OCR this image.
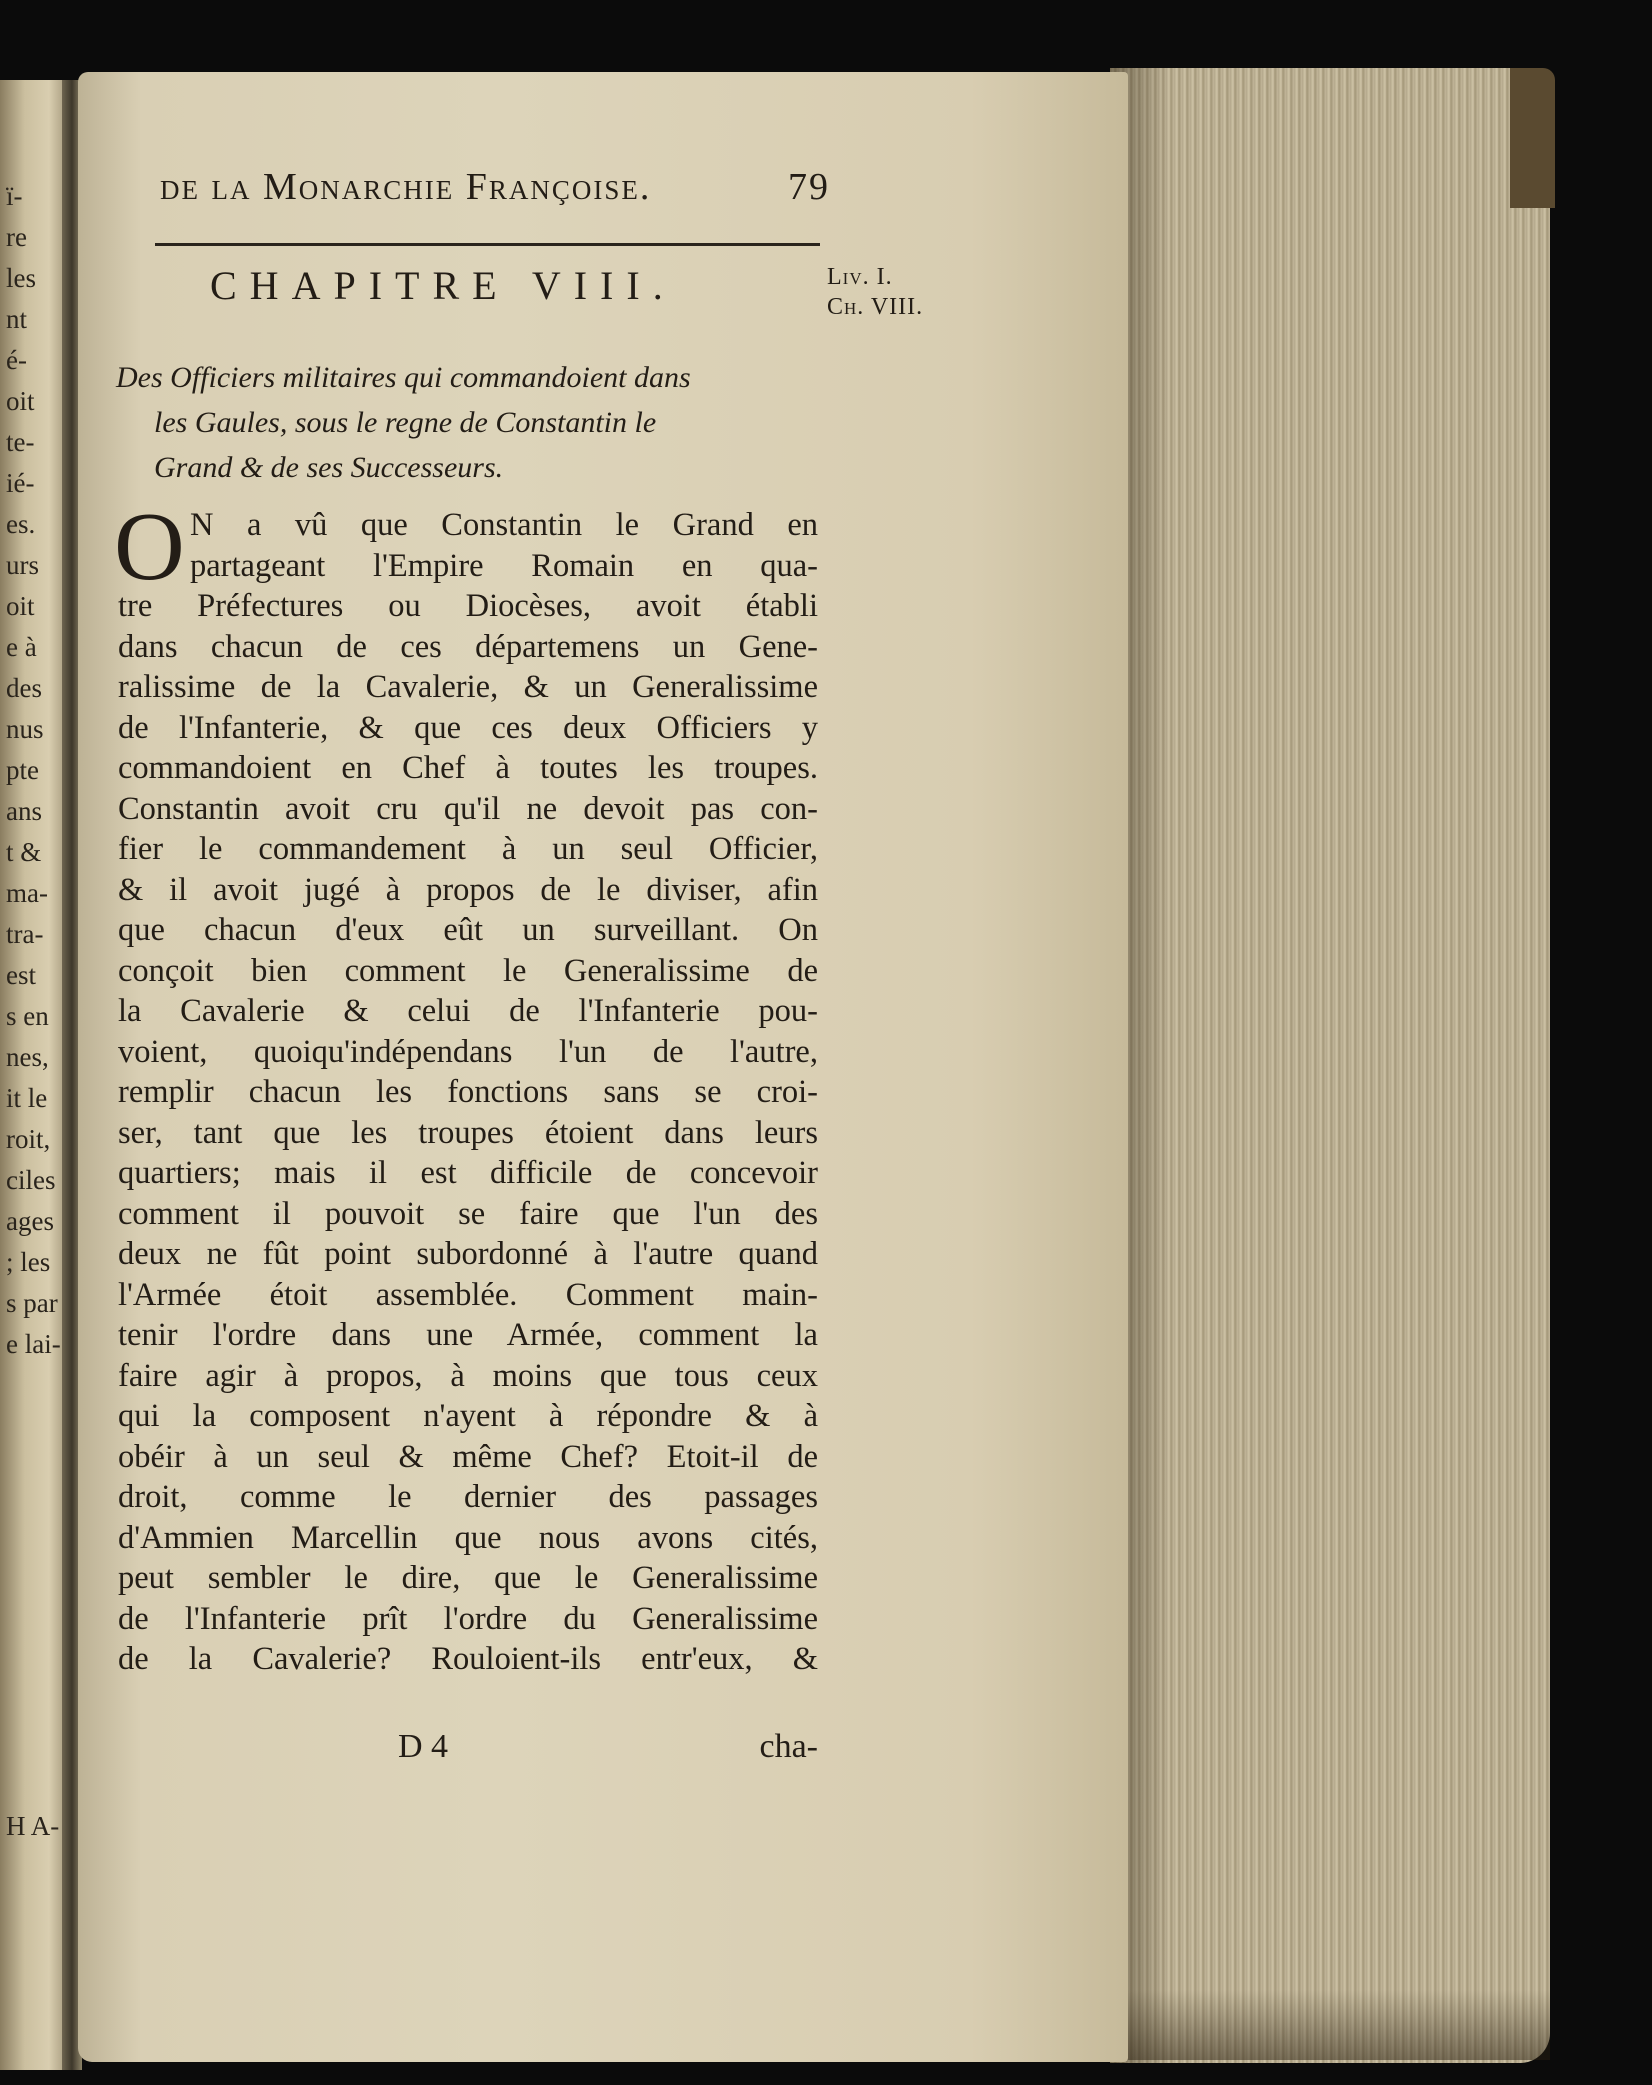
ï-
re
les
nt
é-
oit
te-
ié-
es.
urs
oit
e à
des
nus
pte
ans
t &
ma-
tra-
est
s en
nes,
it le
roit,
ciles
ages
; les
s par
e lai-
H A-
de la Monarchie Françoise.	79
CHAPITRE VIII.	Liv. I.
Ch. VIII.
Des Officiers militaires qui commandoient dans
les Gaules, sous le regne de Constantin le
Grand & de ses Successeurs.
O N a vû que Constantin le Grand en
partageant l'Empire Romain en qua-
tre Préfectures ou Diocèses, avoit établi
dans chacun de ces départemens un Gene-
ralissime de la Cavalerie, & un Generalissime
de l'Infanterie, & que ces deux Officiers y
commandoient en Chef à toutes les troupes.
Constantin avoit cru qu'il ne devoit pas con-
fier le commandement à un seul Officier,
& il avoit jugé à propos de le diviser, afin
que chacun d'eux eût un surveillant. On
conçoit bien comment le Generalissime de
la Cavalerie & celui de l'Infanterie pou-
voient, quoiqu'indépendans l'un de l'autre,
remplir chacun les fonctions sans se croi-
ser, tant que les troupes étoient dans leurs
quartiers; mais il est difficile de concevoir
comment il pouvoit se faire que l'un des
deux ne fût point subordonné à l'autre quand
l'Armée étoit assemblée. Comment main-
tenir l'ordre dans une Armée, comment la
faire agir à propos, à moins que tous ceux
qui la composent n'ayent à répondre & à
obéir à un seul & même Chef? Etoit-il de
droit, comme le dernier des passages
d'Ammien Marcellin que nous avons cités,
peut sembler le dire, que le Generalissime
de l'Infanterie prît l'ordre du Generalissime
de la Cavalerie? Rouloient-ils entr'eux, &
D 4	cha-
